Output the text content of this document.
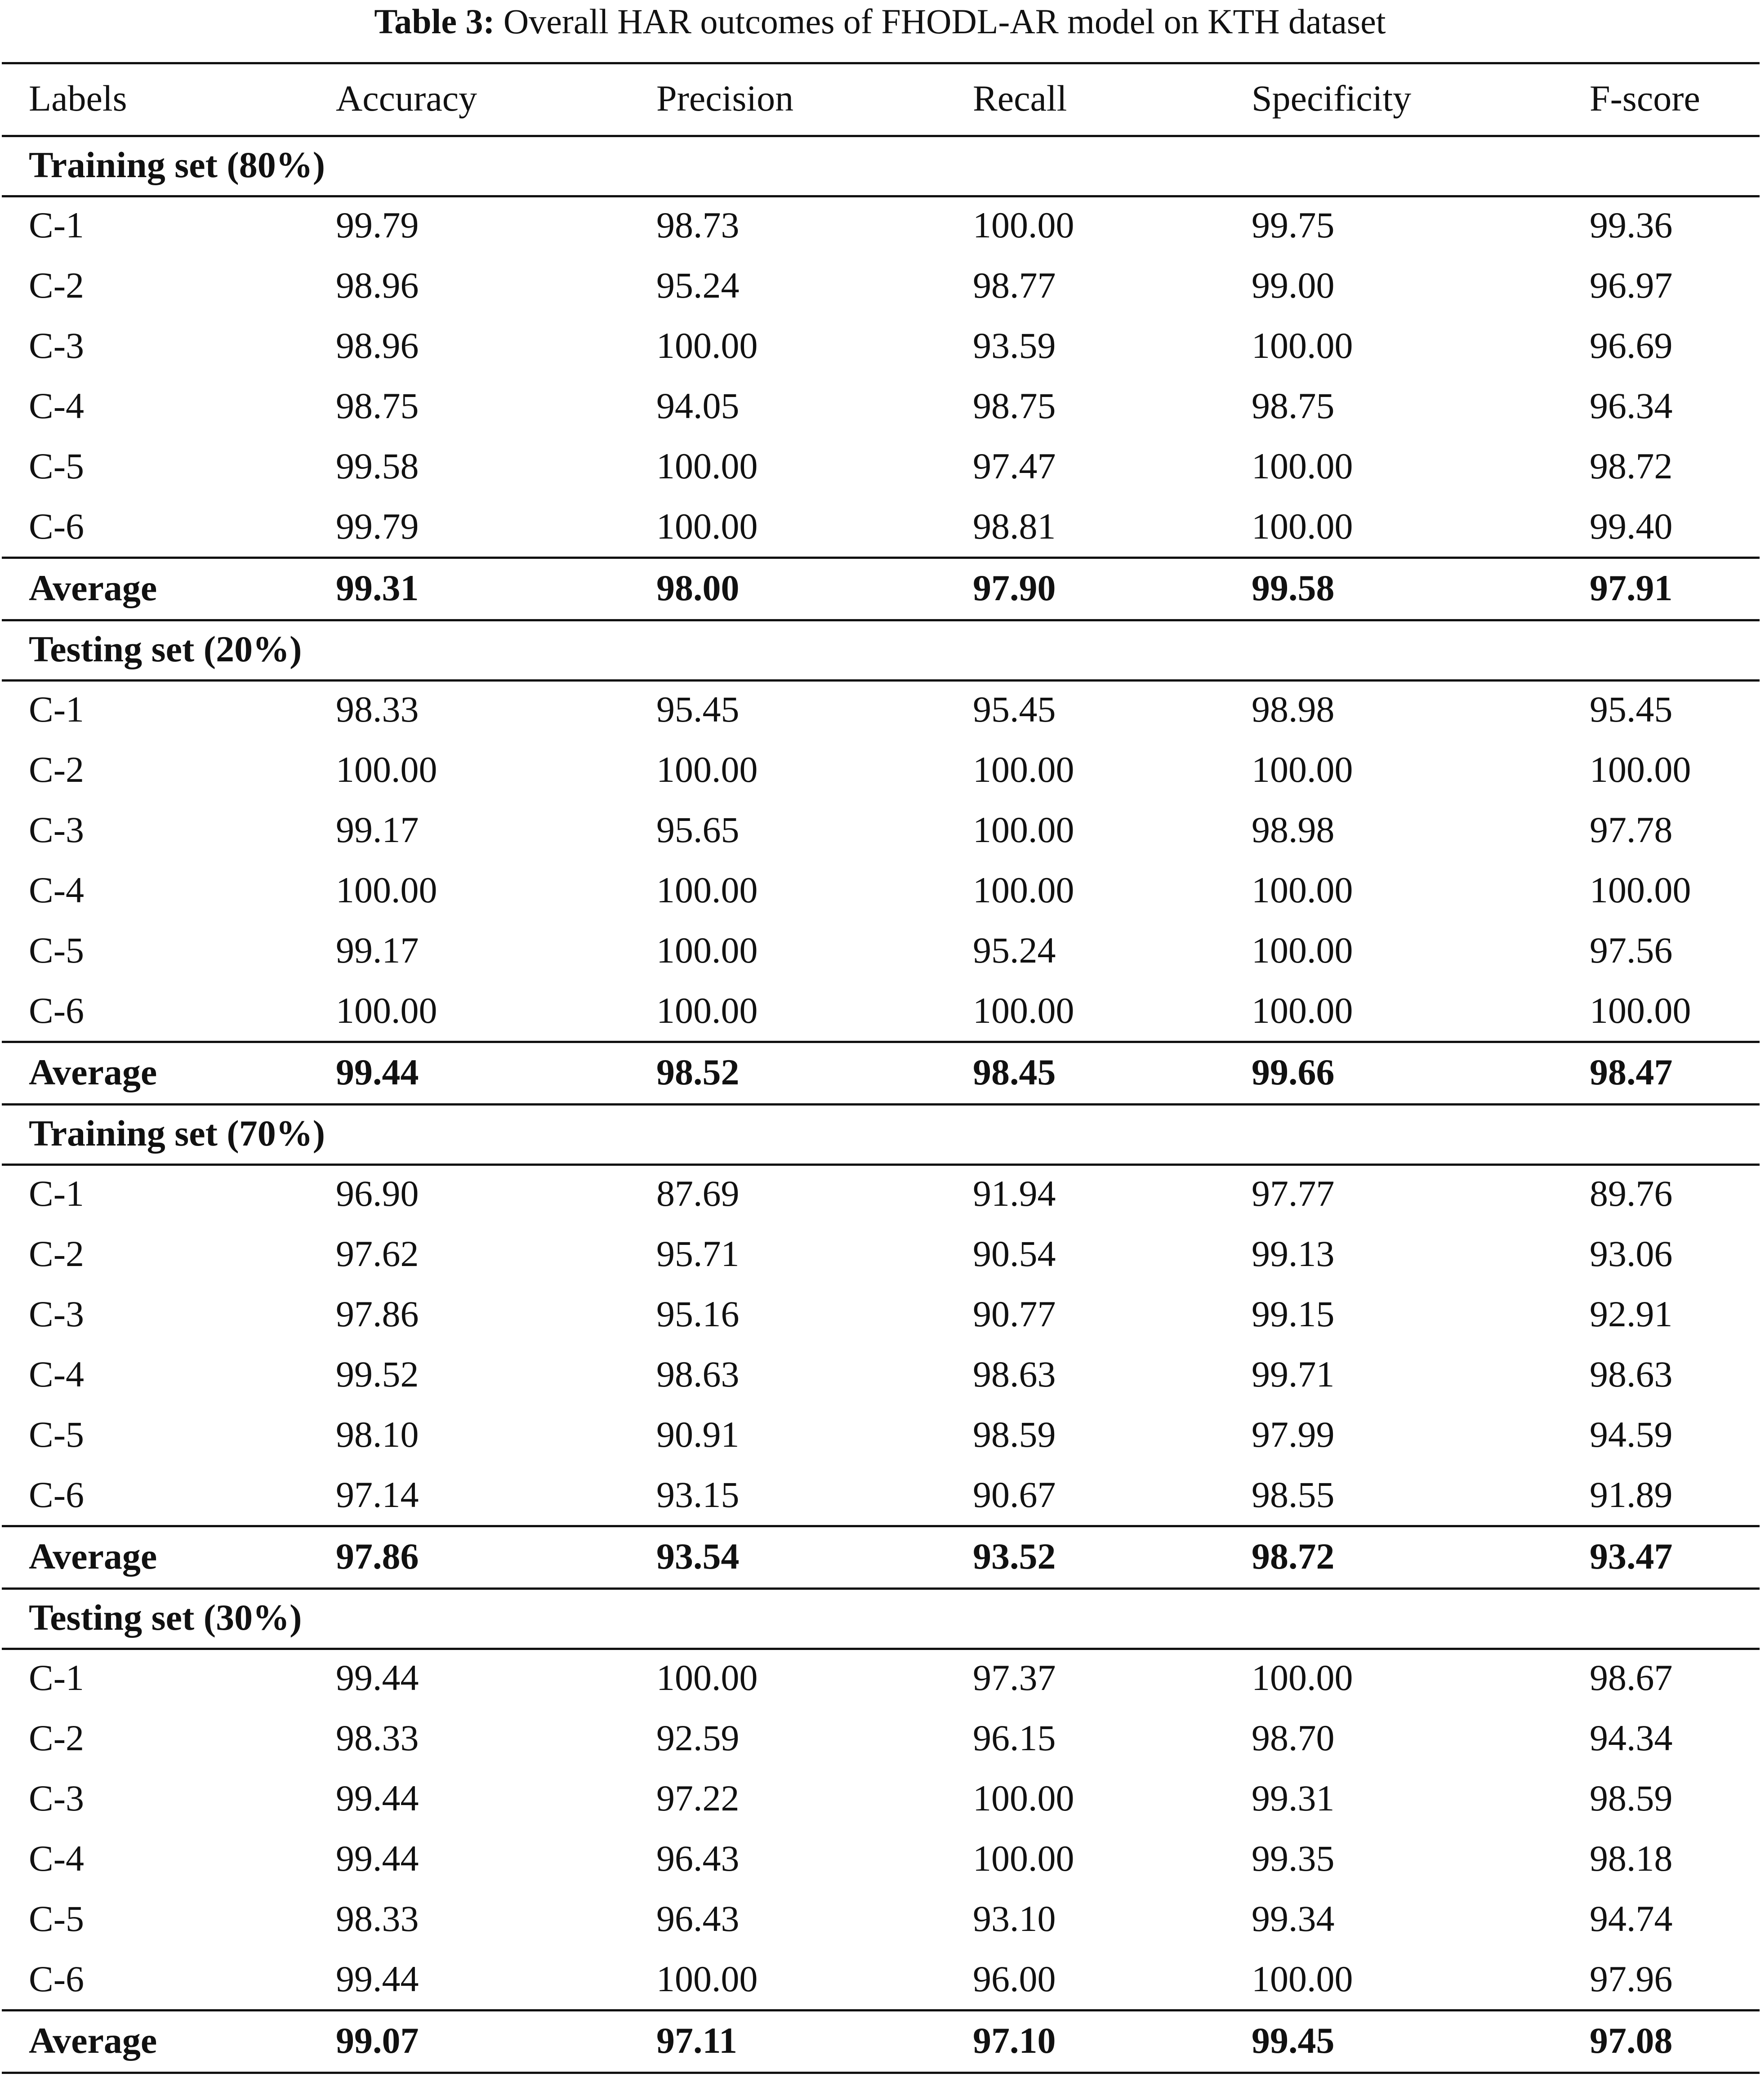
Table 3: Overall HAR outcomes of FHODL-AR model on KTH dataset
Labels	Accuracy	Precision	Recall	Specificity	F-score
Training set (80%)
C-1	99.79	98.73	100.00	99.75	99.36
C-2	98.96	95.24	98.77	99.00	96.97
C-3	98.96	100.00	93.59	100.00	96.69
C-4	98.75	94.05	98.75	98.75	96.34
C-5	99.58	100.00	97.47	100.00	98.72
C-6	99.79	100.00	98.81	100.00	99.40
Average	99.31	98.00	97.90	99.58	97.91
Testing set (20%)
C-1	98.33	95.45	95.45	98.98	95.45
C-2	100.00	100.00	100.00	100.00	100.00
C-3	99.17	95.65	100.00	98.98	97.78
C-4	100.00	100.00	100.00	100.00	100.00
C-5	99.17	100.00	95.24	100.00	97.56
C-6	100.00	100.00	100.00	100.00	100.00
Average	99.44	98.52	98.45	99.66	98.47
Training set (70%)
C-1	96.90	87.69	91.94	97.77	89.76
C-2	97.62	95.71	90.54	99.13	93.06
C-3	97.86	95.16	90.77	99.15	92.91
C-4	99.52	98.63	98.63	99.71	98.63
C-5	98.10	90.91	98.59	97.99	94.59
C-6	97.14	93.15	90.67	98.55	91.89
Average	97.86	93.54	93.52	98.72	93.47
Testing set (30%)
C-1	99.44	100.00	97.37	100.00	98.67
C-2	98.33	92.59	96.15	98.70	94.34
C-3	99.44	97.22	100.00	99.31	98.59
C-4	99.44	96.43	100.00	99.35	98.18
C-5	98.33	96.43	93.10	99.34	94.74
C-6	99.44	100.00	96.00	100.00	97.96
Average	99.07	97.11	97.10	99.45	97.08
